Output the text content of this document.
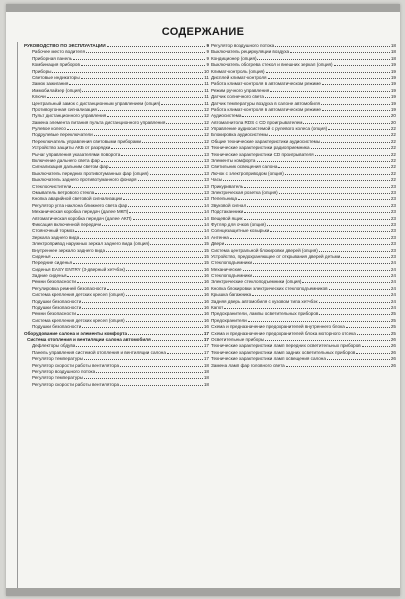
СОДЕРЖАНИЕ
РУКОВОДСТВО ПО ЭКСПЛУАТАЦИИ	9
Рабочее место водителя	9
Приборная панель	9
Комбинация приборов	9
Приборы	10
Световые индикаторы	11
Замок зажигания	11
Иммобилайзер (опция)	11
Ключи	11
Центральный замок с дистанционным управлением (опция)	11
Противоугонная сигнализация	12
Пульт дистанционного управления	12
Замена элемента питания пульта дистанционного управления	12
Рулевое колесо	12
Подрулевые переключатели	12
Переключатель управления световыми приборами	12
Устройство защиты АКБ от разрядки	13
Рычаг управления указателями поворота	13
Включение дальнего света фар	13
Сигнализация дальним светом фар	13
Выключатель передних противотуманных фар (опция)	13
Выключатель заднего противотуманного фонаря	13
Стеклоочистители	13
Омыватель ветрового стекла	13
Кнопка аварийной световой сигнализации	13
Регулятор угла наклона ближнего света фар	14
Механическая коробка передач (далее МКП)	14
Автоматическая коробка передач (далее АКП)	14
Фиксация включенной передачи	14
Стояночный тормоз	14
Зеркала заднего вида	14
Электропривод наружных зеркал заднего вида (опция)	15
Внутреннее зеркало заднего вида	15
Сиденья	15
Передние сиденья	15
Сиденья EASY ENTRY (3-дверный хетчбэк)	16
Задние сиденья	16
Ремни безопасности	16
Регулировка ремней безопасности	16
Система крепления детских кресел (опция)	16
Подушки безопасности	16
Подушки безопасности	16
Ремни безопасности	16
Система крепления детских кресел (опция)	16
Подушки безопасности	16
Оборудование салона и элементы комфорта	17
Система отопления и вентиляции салона автомобиля	17
Дефлекторы обдува	17
Панель управления системой отопления и вентиляции салона	17
Регулятор температуры	17
Регулятор скорости работы вентилятора	18
Регулятор воздушного потока	18
Регулятор температуры	18
Регулятор скорости работы вентилятора	18
Регулятор воздушного потока	18
Выключатель рециркуляции воздуха	18
Кондиционер (опция)	18
Выключатель обогрева стекол и внешних зеркал (опция)	19
Климат-контроль (опция)	19
Дисплей климат-контроля	19
Работа климат-контроля в автоматическом режиме	19
Режим ручного управления	19
Датчик солнечного света	19
Датчик температуры воздуха в салоне автомобиля	19
Работа климат-контроля в автоматическом режиме	19
Аудиосистема	20
Автомагнитола RDS с CD проигрывателем	20
Управление аудиосистемой с рулевого колеса (опция)	22
Блокировка аудиосистемы	22
Общие технические характеристики аудиосистемы	22
Технические характеристики радиоприемника	22
Технические характеристики CD проигрывателя	22
Элементы комфорта	22
Светильник освещения салона	22
Лючок с электроприводом (опция)	22
Часы	22
Прикуриватель	23
Электрическая розетка (опция)	23
Пепельница	23
Звуковой сигнал	23
Подстаканники	23
Вещевой ящик	23
Футляр для очков (опция)	23
Солнцезащитные козырьки	23
Антенна	23
Двери	23
Система центральной блокировки дверей (опция)	23
Устройство, предохраняющее от открывания дверей детьми	23
Стеклоподъемники	24
Механические	24
Стеклоподъемники	24
Электрические стеклоподъемники (опция)	24
Кнопка блокировки электрических стеклоподъемников	24
Крышка багажника	24
Задняя дверь автомобиля с кузовом типа хетчбэк	24
Капот	24
Предохранители, лампы осветительных приборов	25
Предохранители	25
Схема и предназначение предохранителей внутреннего блока	25
Схема и предназначение предохранителей блока моторного отсека	25
Осветительные приборы	26
Технические характеристики ламп передних осветительных приборов	26
Технические характеристики ламп задних осветительных приборов	26
Технические характеристики ламп освещения салона	26
Замена ламп фар головного света	26
